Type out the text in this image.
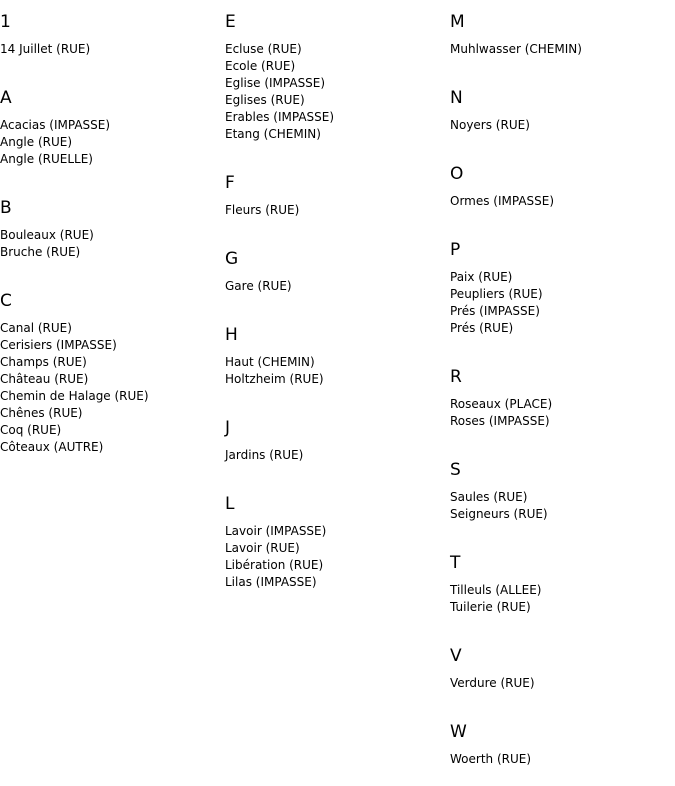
1
14 Juillet (RUE)
A
Acacias (IMPASSE)
Angle (RUE)
Angle (RUELLE)
B
Bouleaux (RUE)
Bruche (RUE)
C
Canal (RUE)
Cerisiers (IMPASSE)
Champs (RUE)
Château (RUE)
Chemin de Halage (RUE)
Chênes (RUE)
Coq (RUE)
Côteaux (AUTRE)
E
Ecluse (RUE)
Ecole (RUE)
Eglise (IMPASSE)
Eglises (RUE)
Erables (IMPASSE)
Etang (CHEMIN)
F
Fleurs (RUE)
G
Gare (RUE)
H
Haut (CHEMIN)
Holtzheim (RUE)
J
Jardins (RUE)
L
Lavoir (IMPASSE)
Lavoir (RUE)
Libération (RUE)
Lilas (IMPASSE)
M
Muhlwasser (CHEMIN)
N
Noyers (RUE)
O
Ormes (IMPASSE)
P
Paix (RUE)
Peupliers (RUE)
Prés (IMPASSE)
Prés (RUE)
R
Roseaux (PLACE)
Roses (IMPASSE)
S
Saules (RUE)
Seigneurs (RUE)
T
Tilleuls (ALLEE)
Tuilerie (RUE)
V
Verdure (RUE)
W
Woerth (RUE)
